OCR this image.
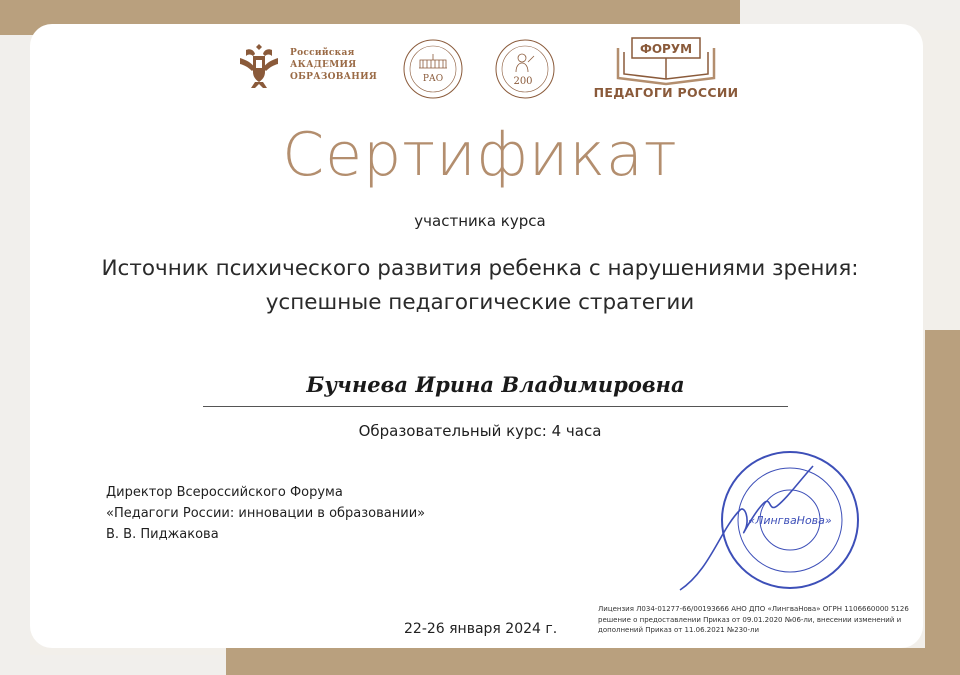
Российская
АКАДЕМИЯ
ОБРАЗОВАНИЯ	РАО	200
ФОРУМ
ПЕДАГОГИ РОССИИ
Сертификат
участника курса
Источник психического развития ребенка с нарушениями зрения: успешные педагогические стратегии
Бучнева Ирина Владимировна
Образовательный курс: 4 часа
Директор Всероссийского Форума
«Педагоги России: инновации в образовании»
В. В. Пиджакова
«ЛингваНова»
22-26 января 2024 г.
Лицензия Л034-01277-66/00193666 АНО ДПО «ЛингваНова» ОГРН 1106660000 5126 решение о предоставлении Приказ от 09.01.2020 №06-ли, внесении изменений и дополнений Приказ от 11.06.2021 №230-ли
